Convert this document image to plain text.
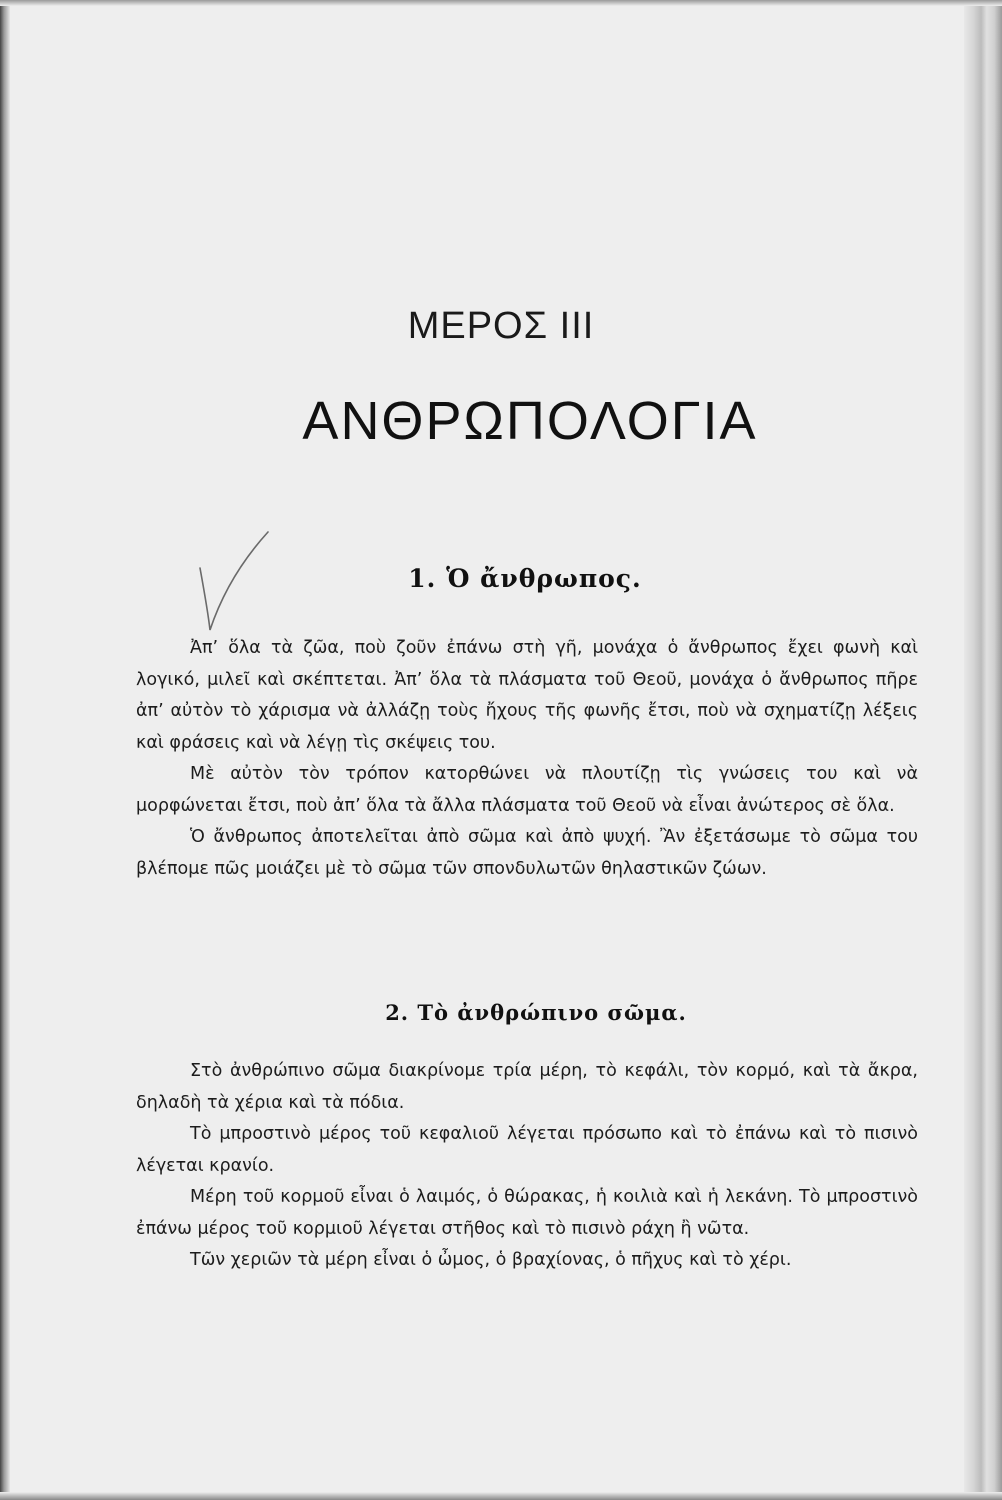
ΜΕΡΟΣ ΙΙΙ
ΑΝΘΡΩΠΟΛΟΓΙΑ
1. Ὁ ἄνθρωπος.

Ἀπ’ ὅλα τὰ ζῶα, ποὺ ζοῦν ἐπάνω στὴ γῆ, μονάχα ὁ ἄνθρωπος ἔχει φωνὴ καὶ λογικό, μιλεῖ καὶ σκέπτεται. Ἀπ’ ὅλα τὰ πλάσματα τοῦ Θεοῦ, μονάχα ὁ ἄνθρωπος πῆρε ἀπ’ αὐτὸν τὸ χάρισμα νὰ ἀλλάζῃ τοὺς ἤχους τῆς φωνῆς ἔτσι, ποὺ νὰ σχηματίζῃ λέξεις καὶ φράσεις καὶ νὰ λέγῃ τὶς σκέψεις του.

Μὲ αὐτὸν τὸν τρόπον κατορθώνει νὰ πλουτίζῃ τὶς γνώσεις του καὶ νὰ μορφώνεται ἔτσι, ποὺ ἀπ’ ὅλα τὰ ἄλλα πλάσματα τοῦ Θεοῦ νὰ εἶναι ἀνώτερος σὲ ὅλα.

Ὁ ἄνθρωπος ἀποτελεῖται ἀπὸ σῶμα καὶ ἀπὸ ψυχή. Ἂν ἐξετάσωμε τὸ σῶμα του βλέπομε πῶς μοιάζει μὲ τὸ σῶμα τῶν σπονδυλωτῶν θηλαστικῶν ζώων.

2. Τὸ ἀνθρώπινο σῶμα.

Στὸ ἀνθρώπινο σῶμα διακρίνομε τρία μέρη, τὸ κεφάλι, τὸν κορμό, καὶ τὰ ἄκρα, δηλαδὴ τὰ χέρια καὶ τὰ πόδια.

Τὸ μπροστινὸ μέρος τοῦ κεφαλιοῦ λέγεται πρόσωπο καὶ τὸ ἐπάνω καὶ τὸ πισινὸ λέγεται κρανίο.

Μέρη τοῦ κορμοῦ εἶναι ὁ λαιμός, ὁ θώρακας, ἡ κοιλιὰ καὶ ἡ λεκάνη. Τὸ μπροστινὸ ἐπάνω μέρος τοῦ κορμιοῦ λέγεται στῆθος καὶ τὸ πισινὸ ράχη ἢ νῶτα.

Τῶν χεριῶν τὰ μέρη εἶναι ὁ ὦμος, ὁ βραχίονας, ὁ πῆχυς καὶ τὸ χέρι.
